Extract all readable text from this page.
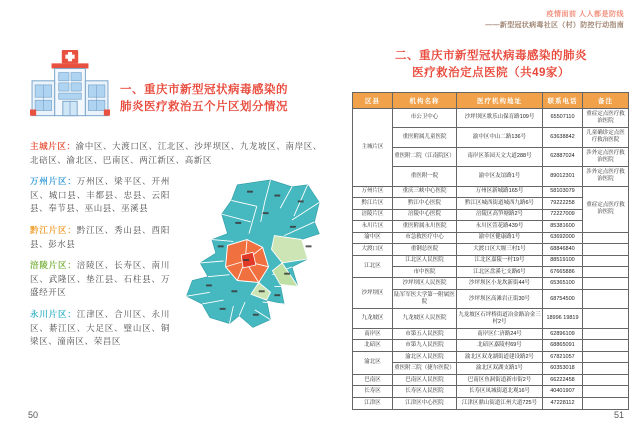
疫情面前 人人都是防线
——新型冠状病毒社区（村）防控行动指南
一、重庆市新型冠状病毒感染的
肺炎医疗救治五个片区划分情况

主城片区：渝中区、大渡口区、江北区、沙坪坝区、九龙坡区、南岸区、北碚区、渝北区、巴南区、两江新区、高新区

万州片区：万州区、梁平区、开州区、城口县、丰都县、忠县、云阳县、奉节县、巫山县、巫溪县

黔江片区：黔江区、秀山县、酉阳县、彭水县

涪陵片区：涪陵区、长寿区、南川区、武隆区、垫江县、石柱县、万盛经开区

永川片区：江津区、合川区、永川区、綦江区、大足区、璧山区、铜梁区、潼南区、荣昌区

50
二、重庆市新型冠状病毒感染的肺炎
医疗救治定点医院（共49家）
区县	机构名称	医疗机构地址	联系电话	备注
主城片区	市公卫中心	沙坪坝区歌乐山保育路109号	65507110	重症定点医疗救治医院
	重医附属儿童医院	渝中区中山二路136号	63638842	儿童确诊定点医疗救治医院
	重医附二院（江南院区）	南岸区茶园天文大道288号	62887024	涉外定点医疗救治医院
	重医附一院	渝中区友谊路1号	89012301	涉外定点医疗救治医院
万州片区	重庆三峡中心医院	万州区新城路165号	58103079	重症定点医疗救治医院
黔江片区	黔江中心医院	黔江区城西街道城西九路6号	79222258	
涪陵片区	涪陵中心医院	涪陵区高笋塘路2号	72227009	
永川片区	重医附属永川医院	永川区萱花路439号	85381600	
渝中区	市急救医疗中心	渝中区健康路1号	63692000	
大渡口区	重钢总医院	大渡口区大堰三村1号	68846840	
江北区	江北区人民医院	江北区嘉陵一村19号	88519100	
	市中医院	江北区盘溪七支路6号	67665886	
沙坪坝区	沙坪坝区人民医院	沙坪坝区小龙坎新街44号	65365100	
	陆军军医大学第一附属医院	沙坪坝区高滩岩正街30号	68754500	
九龙坡区	九龙坡区人民医院	九龙坡区石坪桥街道冶金路冶金三村2号	18996 19819	
南岸区	市第五人民医院	南岸区仁济路24号	62896109	
北碚区	市第九人民医院	北碚区嘉陵村69号	68865091	
渝北区	渝北区人民医院	渝北区双龙湖街道建设路2号	67821057	
	重医附三院（捷尔医院）	渝北区双湖支路1号	60353018	
巴南区	巴南区人民医院	巴南区鱼洞街道新市街2号	66222458	
长寿区	长寿区人民医院	长寿区凤城街道北观16号	40401907	
江津区	江津区中心医院	江津区鼎山街道江州大道725号	47228112	
51
